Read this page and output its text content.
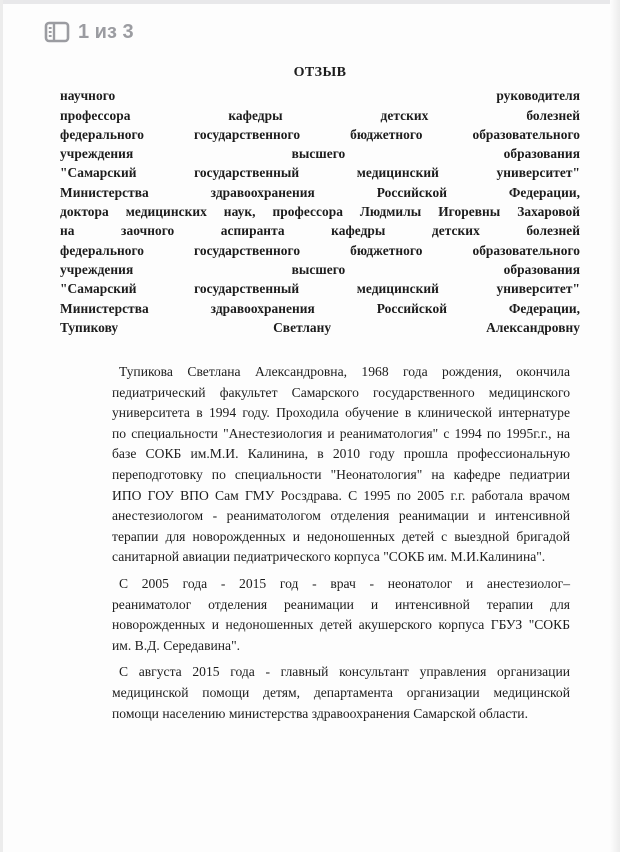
1 из 3
ОТЗЫВ
научного руководителя
профессора кафедры детских болезней
федерального государственного бюджетного образовательного
учреждения высшего образования
"Самарский государственный медицинский университет"
Министерства здравоохранения Российской Федерации,
доктора медицинских наук, профессора Людмилы Игоревны Захаровой
на заочного аспиранта кафедры детских болезней
федерального государственного бюджетного образовательного
учреждения высшего образования
"Самарский государственный медицинский университет"
Министерства здравоохранения Российской Федерации,
Тупикову Светлану Александровну
Тупикова Светлана Александровна, 1968 года рождения, окончила
педиатрический факультет Самарского государственного медицинского
университета в 1994 году. Проходила обучение в клинической интернатуре
по специальности "Анестезиология и реаниматология" с 1994 по 1995г.г., на
базе СОКБ им.М.И. Калинина, в 2010 году прошла профессиональную
переподготовку по специальности "Неонатология" на кафедре педиатрии
ИПО ГОУ ВПО Сам ГМУ Росздрава. С 1995 по 2005 г.г. работала врачом
анестезиологом - реаниматологом отделения реанимации и интенсивной
терапии для новорожденных и недоношенных детей с выездной бригадой
санитарной авиации педиатрического корпуса "СОКБ им. М.И.Калинина".
С 2005 года - 2015 год - врач - неонатолог и анестезиолог–
реаниматолог отделения реанимации и интенсивной терапии для
новорожденных и недоношенных детей акушерского корпуса ГБУЗ "СОКБ
им. В.Д. Середавина".
С августа 2015 года - главный консультант управления организации
медицинской помощи детям, департамента организации медицинской
помощи населению министерства здравоохранения Самарской области.
